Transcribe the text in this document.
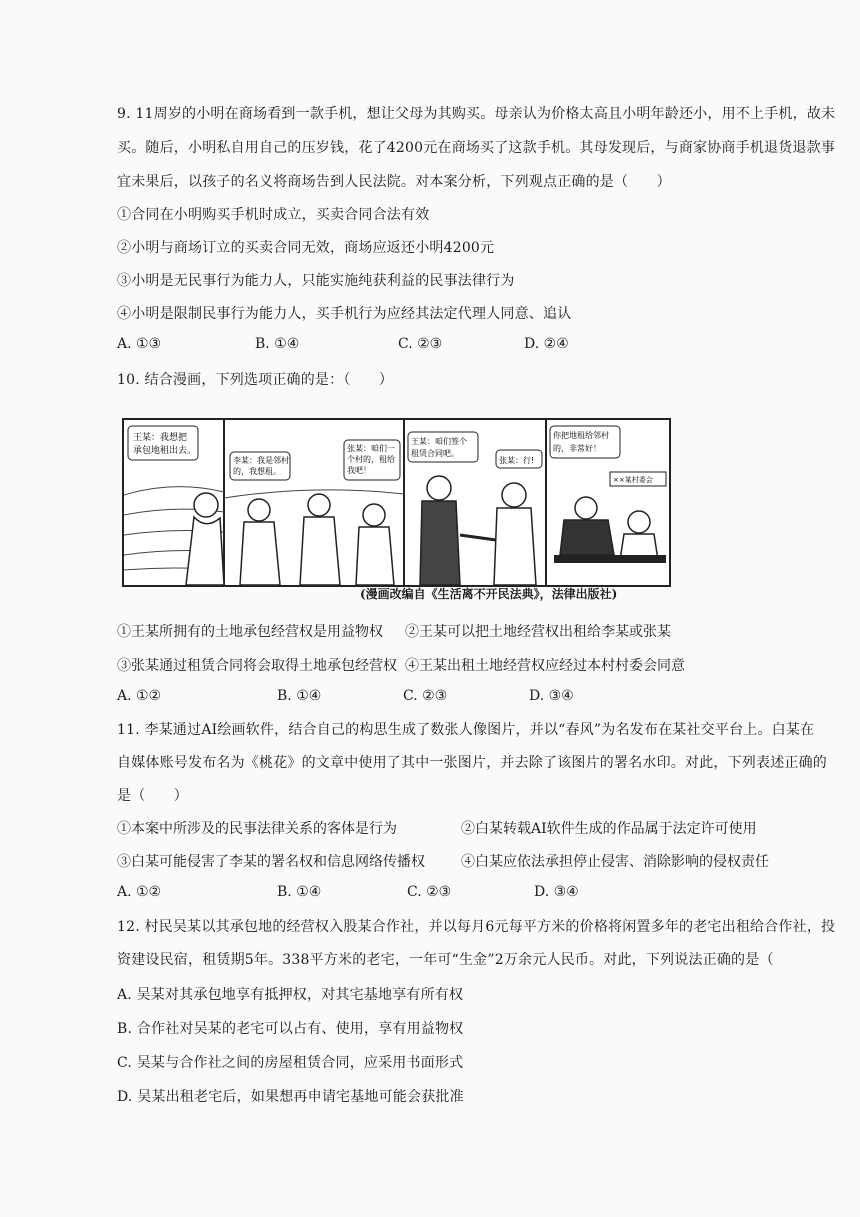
9. 11周岁的小明在商场看到一款手机，想让父母为其购买。母亲认为价格太高且小明年龄还小，用不上手机，故未
买。随后，小明私自用自己的压岁钱，花了4200元在商场买了这款手机。其母发现后，与商家协商手机退货退款事
宜未果后，以孩子的名义将商场告到人民法院。对本案分析，下列观点正确的是（　　）
①合同在小明购买手机时成立，买卖合同合法有效
②小明与商场订立的买卖合同无效，商场应返还小明4200元
③小明是无民事行为能力人，只能实施纯获利益的民事法律行为
④小明是限制民事行为能力人，买手机行为应经其法定代理人同意、追认
A. ①③	B. ①④	C. ②③	D. ②④
10. 结合漫画，下列选项正确的是：（　　）
王某：我想把
承包地租出去。
李某：我是邻村
的，我想租。
张某：咱们一
个村的，租给
我吧！
王某：咱们签个
租赁合同吧。
张某：行!
你把地租给邻村
的，非常好！
××某村委会
(漫画改编自《生活离不开民法典》，法律出版社)
①王某所拥有的土地承包经营权是用益物权 ②王某可以把土地经营权出租给李某或张某
③张某通过租赁合同将会取得土地承包经营权 ④王某出租土地经营权应经过本村村委会同意
A. ①②	B. ①④	C. ②③	D. ③④
11. 李某通过AI绘画软件，结合自己的构思生成了数张人像图片，并以“春风”为名发布在某社交平台上。白某在
自媒体账号发布名为《桃花》的文章中使用了其中一张图片，并去除了该图片的署名水印。对此，下列表述正确的
是（　　）
①本案中所涉及的民事法律关系的客体是行为	②白某转载AI软件生成的作品属于法定许可使用
③白某可能侵害了李某的署名权和信息网络传播权	④白某应依法承担停止侵害、消除影响的侵权责任
A. ①②	B. ①④	C. ②③	D. ③④
12. 村民吴某以其承包地的经营权入股某合作社，并以每月6元每平方米的价格将闲置多年的老宅出租给合作社，投
资建设民宿，租赁期5年。338平方米的老宅，一年可“生金”2万余元人民币。对此，下列说法正确的是（
A. 吴某对其承包地享有抵押权，对其宅基地享有所有权
B. 合作社对吴某的老宅可以占有、使用，享有用益物权
C. 吴某与合作社之间的房屋租赁合同，应采用书面形式
D. 吴某出租老宅后，如果想再申请宅基地可能会获批准
